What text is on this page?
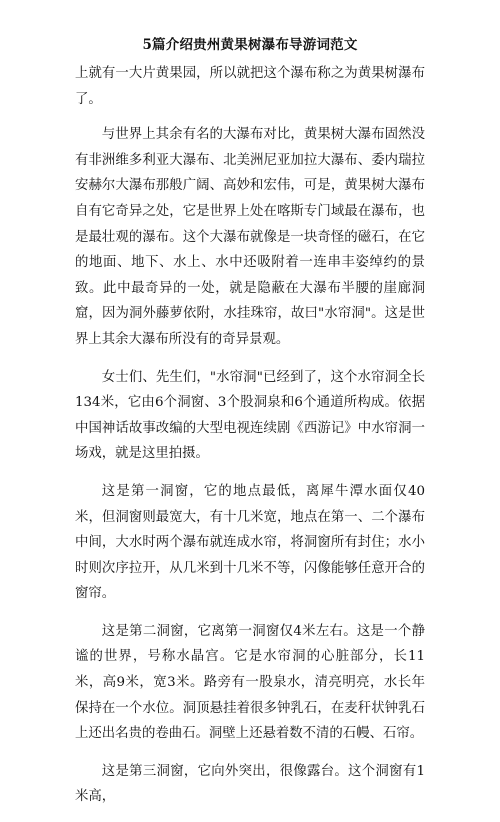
5篇介绍贵州黄果树瀑布导游词范文

上就有一大片黄果园，所以就把这个瀑布称之为黄果树瀑布了。

与世界上其余有名的大瀑布对比，黄果树大瀑布固然没有非洲维多利亚大瀑布、北美洲尼亚加拉大瀑布、委内瑞拉安赫尔大瀑布那般广阔、高妙和宏伟，可是，黄果树大瀑布自有它奇异之处，它是世界上处在喀斯专门域最在瀑布，也是最壮观的瀑布。这个大瀑布就像是一块奇怪的磁石，在它的地面、地下、水上、水中还吸附着一连串丰姿绰约的景致。此中最奇异的一处，就是隐蔽在大瀑布半腰的崖廊洞窟，因为洞外藤萝依附，水挂珠帘，故曰"水帘洞"。这是世界上其余大瀑布所没有的奇异景观。

女士们、先生们，"水帘洞"已经到了，这个水帘洞全长134米，它由6个洞窗、3个股洞泉和6个通道所构成。依据中国神话故事改编的大型电视连续剧《西游记》中水帘洞一场戏，就是这里拍摄。

这是第一洞窗，它的地点最低，离犀牛潭水面仅40米，但洞窗则最宽大，有十几米宽，地点在第一、二个瀑布中间，大水时两个瀑布就连成水帘，将洞窗所有封住；水小时则次序拉开，从几米到十几米不等，闪像能够任意开合的窗帘。

这是第二洞窗，它离第一洞窗仅4米左右。这是一个静谧的世界，号称水晶宫。它是水帘洞的心脏部分，长11米，高9米，宽3米。路旁有一股泉水，清亮明亮，水长年保持在一个水位。洞顶悬挂着很多钟乳石，在麦秆状钟乳石上还出名贵的卷曲石。洞壁上还悬着数不清的石幔、石帘。

这是第三洞窗，它向外突出，很像露台。这个洞窗有1米高，
